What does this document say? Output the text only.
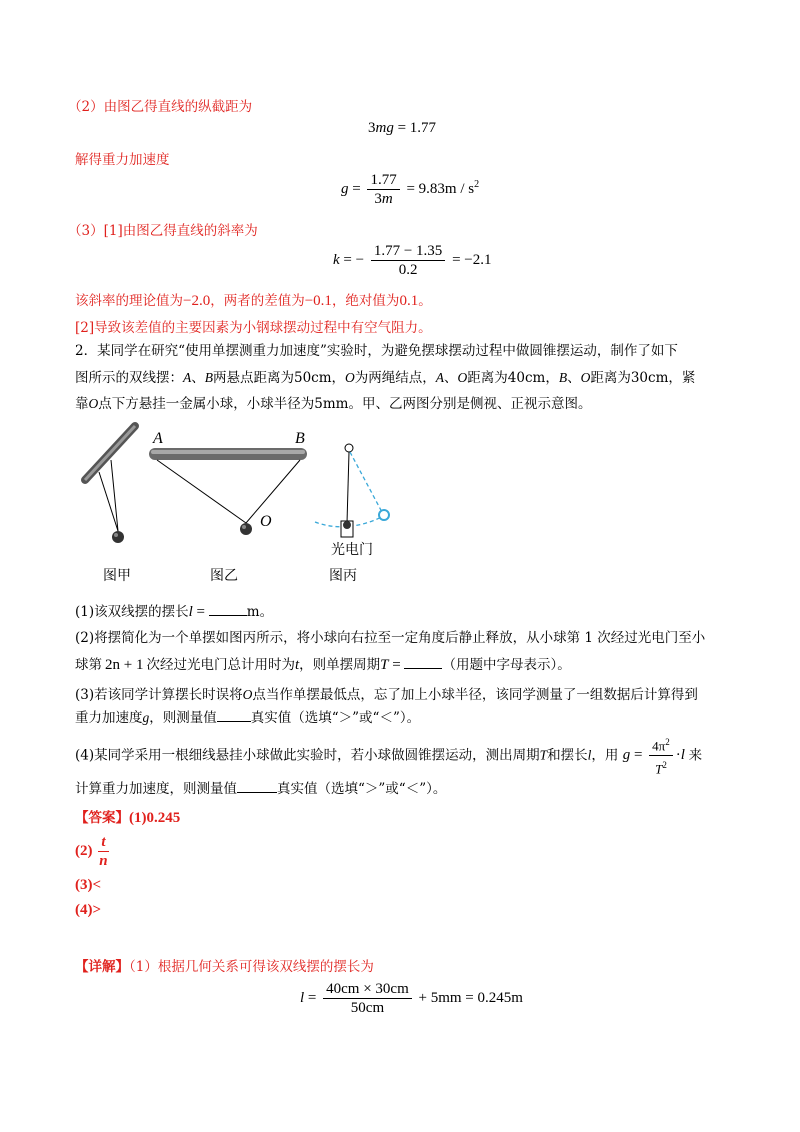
（2）由图乙得直线的纵截距为
3mg = 1.77
解得重力加速度
$g = \frac{1.77}{3m} = 9.83m / s^2$
（3）[1]由图乙得直线的斜率为
k = − $\frac{1.77 - 1.35}{0.2} = -2.1$
该斜率的理论值为−2.0，两者的差值为−0.1，绝对值为0.1。
[2]导致该差值的主要因素为小钢球摆动过程中有空气阻力。
2．某同学在研究“使用单摆测重力加速度”实验时，为避免摆球摆动过程中做圆锥摆运动，制作了如下
图所示的双线摆：A、B两悬点距离为50cm，O为两绳结点，A、O距离为40cm，B、O距离为30cm，紧
靠O点下方悬挂一金属小球，小球半径为5mm。甲、乙两图分别是侧视、正视示意图。
图甲
A	B
O
图乙
光电门
图丙
(1)该双线摆的摆长l =	m。
(2)将摆简化为一个单摆如图丙所示，将小球向右拉至一定角度后静止释放，从小球第 1 次经过光电门至小
球第 2n + 1 次经过光电门总计用时为t，则单摆周期T =	（用题中字母表示）。
(3)若该同学计算摆长时误将O点当作单摆最低点，忘了加上小球半径，该同学测量了一组数据后计算得到
重力加速度g，则测量值	真实值（选填“＞”或“＜”）。
(4)某同学采用一根细线悬挂小球做此实验时，若小球做圆锥摆运动，测出周期T和摆长l，用 $g = \frac{4\pi^2}{T^2} \cdot l$ 来
计算重力加速度，则测量值	真实值（选填“＞”或“＜”）。
【答案】(1)0.245
$(2) \frac{t}{n}$
(3)<
(4)>
【详解】（1）根据几何关系可得该双线摆的摆长为
$l = \frac{40cm \times 30cm}{50cm} + 5mm = 0.245m$
